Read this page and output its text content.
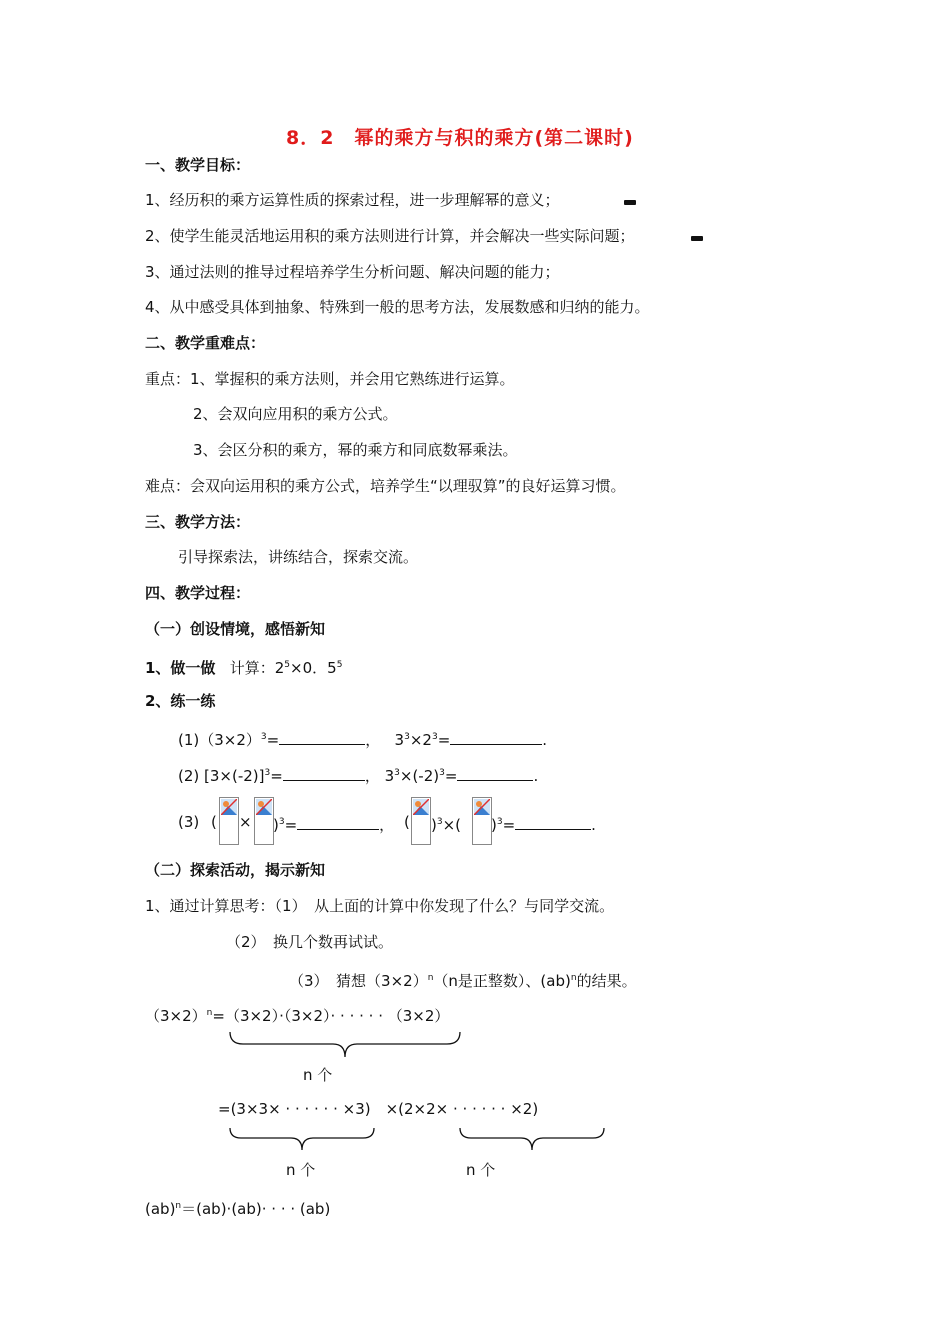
8．2　幂的乘方与积的乘方(第二课时)
一、教学目标：
1、经历积的乘方运算性质的探索过程，进一步理解幂的意义；
2、使学生能灵活地运用积的乘方法则进行计算，并会解决一些实际问题；
3、通过法则的推导过程培养学生分析问题、解决问题的能力；
4、从中感受具体到抽象、特殊到一般的思考方法，发展数感和归纳的能力。
二、教学重难点：
重点：1、掌握积的乘方法则，并会用它熟练进行运算。
2、会双向应用积的乘方公式。
3、会区分积的乘方，幂的乘方和同底数幂乘法。
难点：会双向运用积的乘方公式，培养学生“以理驭算”的良好运算习惯。
三、教学方法：
引导探索法，讲练结合，探索交流。
四、教学过程：
（一）创设情境，感悟新知
1、做一做 计算：$2^5\times 0$．$5^5$
2、练一练
$(1)(3\times 2)^3=$	， $3^3\times 2^3=$	.
(2) $[3\times(-2)]^3=$	， $3^3\times(-2)^3=$	.
(3) ( × )$^3$=	， ( )$^3$×( )$^3$=	.
（二）探索活动，揭示新知
1、通过计算思考：（1）　从上面的计算中你发现了什么？与同学交流。
（2）　换几个数再试试。
（3）　猜想$(3\times 2)^n(n$是正整数）、(ab)$^n$的结果。
$(3\times 2)^n=(3\times 2)\cdot(3\times 2)\cdot$ · · · · · （3×2）
n 个
=(3×3× · · · · · · ×3)　×(2×2× · · · · · · ×2)
n 个	n 个
(ab)$^n$＝(ab)·(ab)· · · · (ab)
